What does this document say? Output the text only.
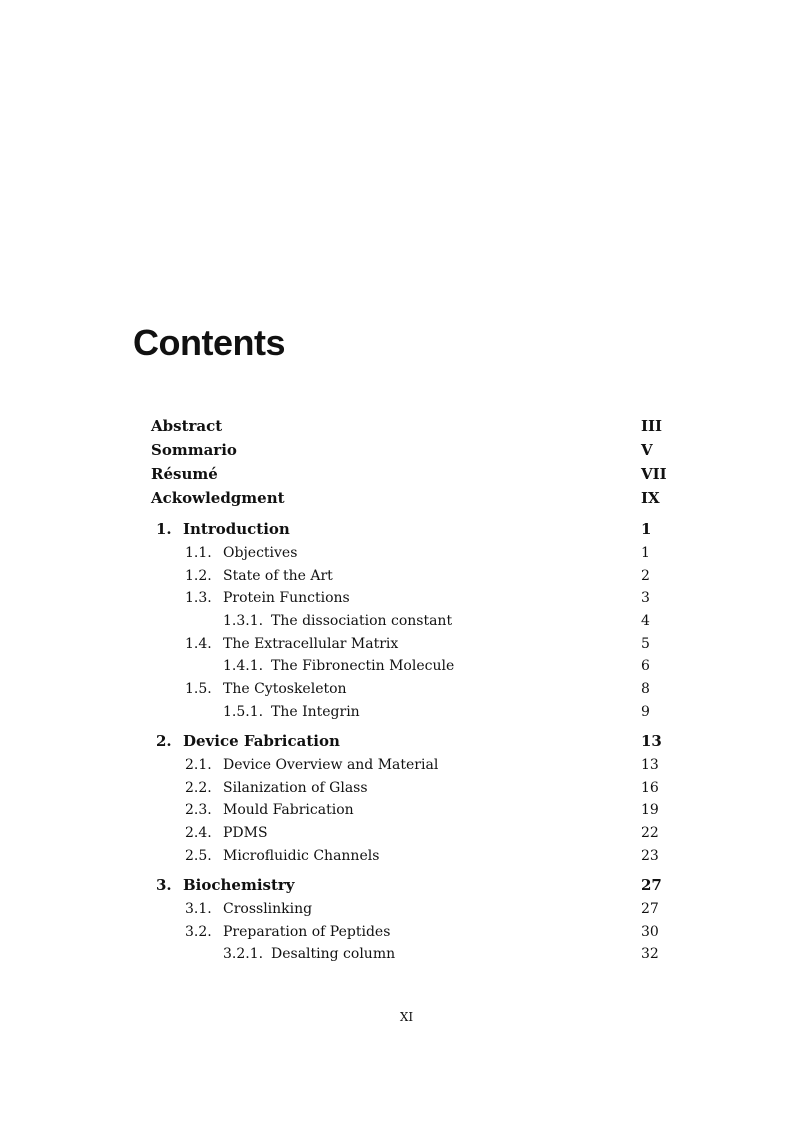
Contents
Abstract	III
Sommario	V
Résumé	VII
Ackowledgment	IX
1. Introduction	1
1.1. Objectives	1
1.2. State of the Art	2
1.3. Protein Functions	3
1.3.1. The dissociation constant	4
1.4. The Extracellular Matrix	5
1.4.1. The Fibronectin Molecule	6
1.5. The Cytoskeleton	8
1.5.1. The Integrin	9
2. Device Fabrication	13
2.1. Device Overview and Material	13
2.2. Silanization of Glass	16
2.3. Mould Fabrication	19
2.4. PDMS	22
2.5. Microfluidic Channels	23
3. Biochemistry	27
3.1. Crosslinking	27
3.2. Preparation of Peptides	30
3.2.1. Desalting column	32
XI
